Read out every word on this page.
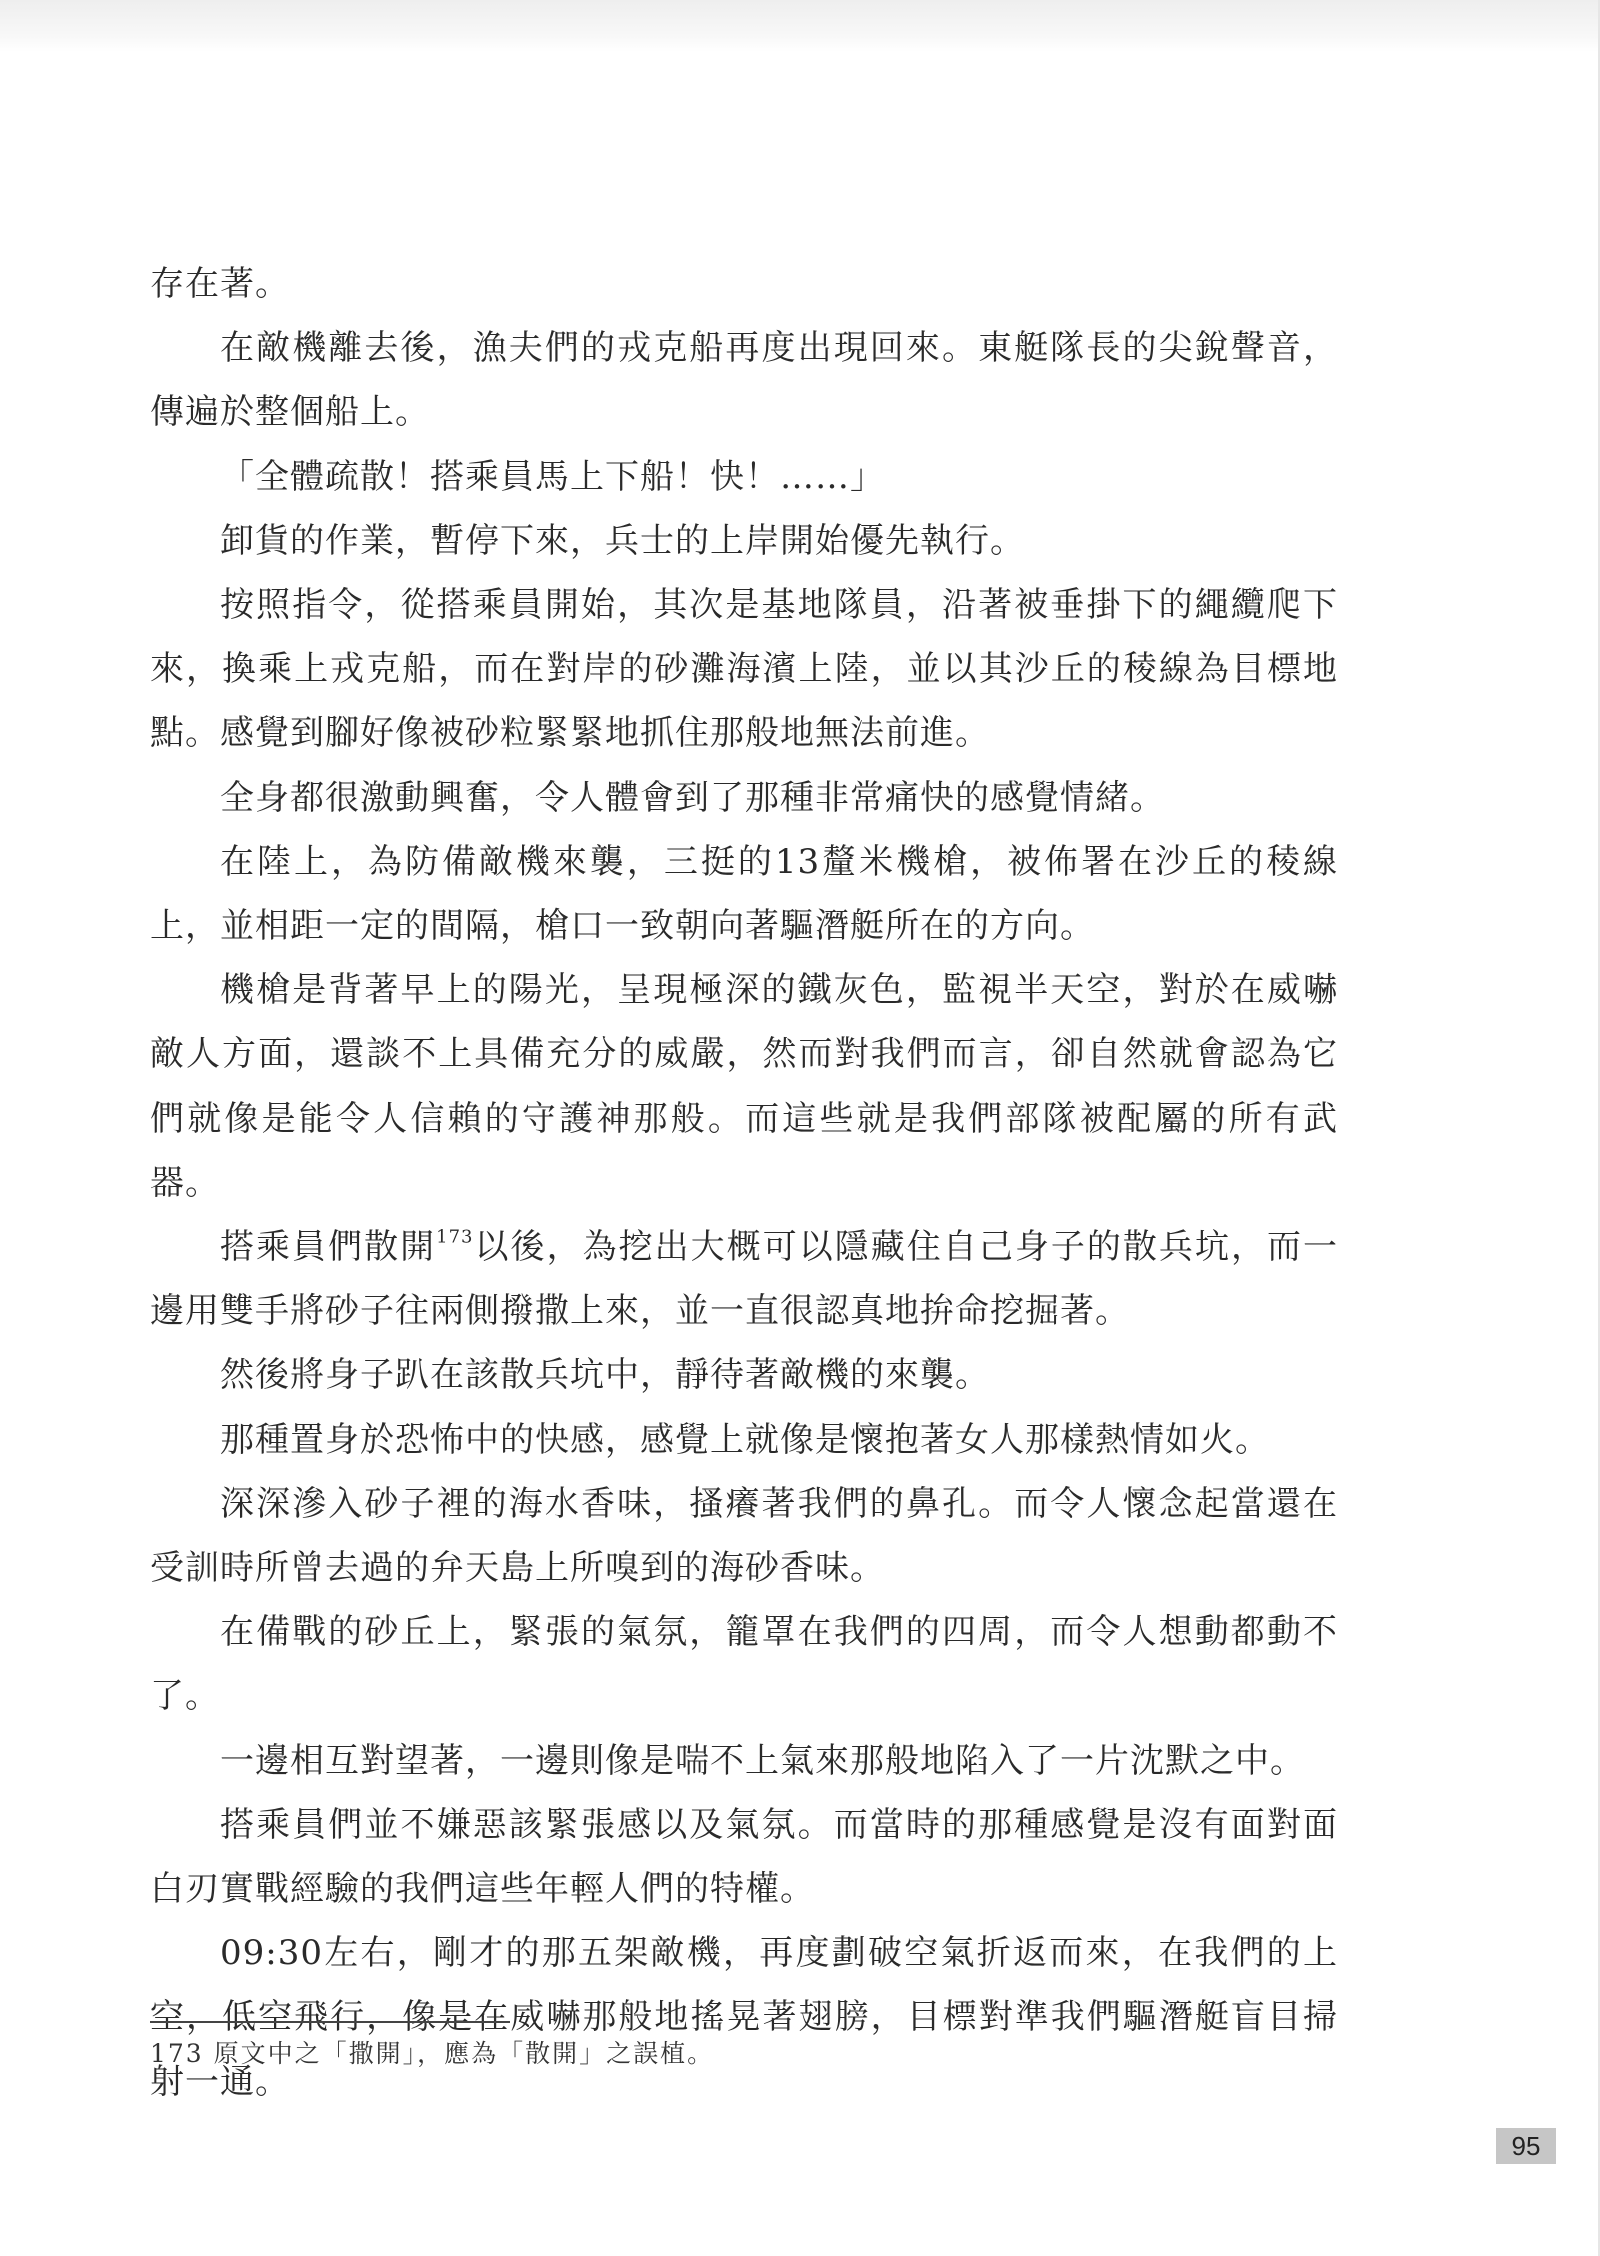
存在著。

在敵機離去後，漁夫們的戎克船再度出現回來。東艇隊長的尖銳聲音，傳遍於整個船上。

「全體疏散！搭乘員馬上下船！快！……」

卸貨的作業，暫停下來，兵士的上岸開始優先執行。

按照指令，從搭乘員開始，其次是基地隊員，沿著被垂掛下的繩纜爬下來，換乘上戎克船，而在對岸的砂灘海濱上陸，並以其沙丘的稜線為目標地點。感覺到腳好像被砂粒緊緊地抓住那般地無法前進。

全身都很激動興奮，令人體會到了那種非常痛快的感覺情緒。

在陸上，為防備敵機來襲，三挺的13釐米機槍，被佈署在沙丘的稜線上，並相距一定的間隔，槍口一致朝向著驅潛艇所在的方向。

機槍是背著早上的陽光，呈現極深的鐵灰色，監視半天空，對於在威嚇敵人方面，還談不上具備充分的威嚴，然而對我們而言，卻自然就會認為它們就像是能令人信賴的守護神那般。而這些就是我們部隊被配屬的所有武器。

搭乘員們散開$^{173}$以後，為挖出大概可以隱藏住自己身子的散兵坑，而一邊用雙手將砂子往兩側撥撒上來，並一直很認真地拚命挖掘著。

然後將身子趴在該散兵坑中，靜待著敵機的來襲。

那種置身於恐怖中的快感，感覺上就像是懷抱著女人那樣熱情如火。

深深滲入砂子裡的海水香味，搔癢著我們的鼻孔。而令人懷念起當還在受訓時所曾去過的弁天島上所嗅到的海砂香味。

在備戰的砂丘上，緊張的氣氛，籠罩在我們的四周，而令人想動都動不了。

一邊相互對望著，一邊則像是喘不上氣來那般地陷入了一片沈默之中。

搭乘員們並不嫌惡該緊張感以及氣氛。而當時的那種感覺是沒有面對面白刃實戰經驗的我們這些年輕人們的特權。

09:30左右，剛才的那五架敵機，再度劃破空氣折返而來，在我們的上空，低空飛行，像是在威嚇那般地搖晃著翅膀，目標對準我們驅潛艇盲目掃射一通。

173 原文中之「撒開」，應為「散開」之誤植。
95
